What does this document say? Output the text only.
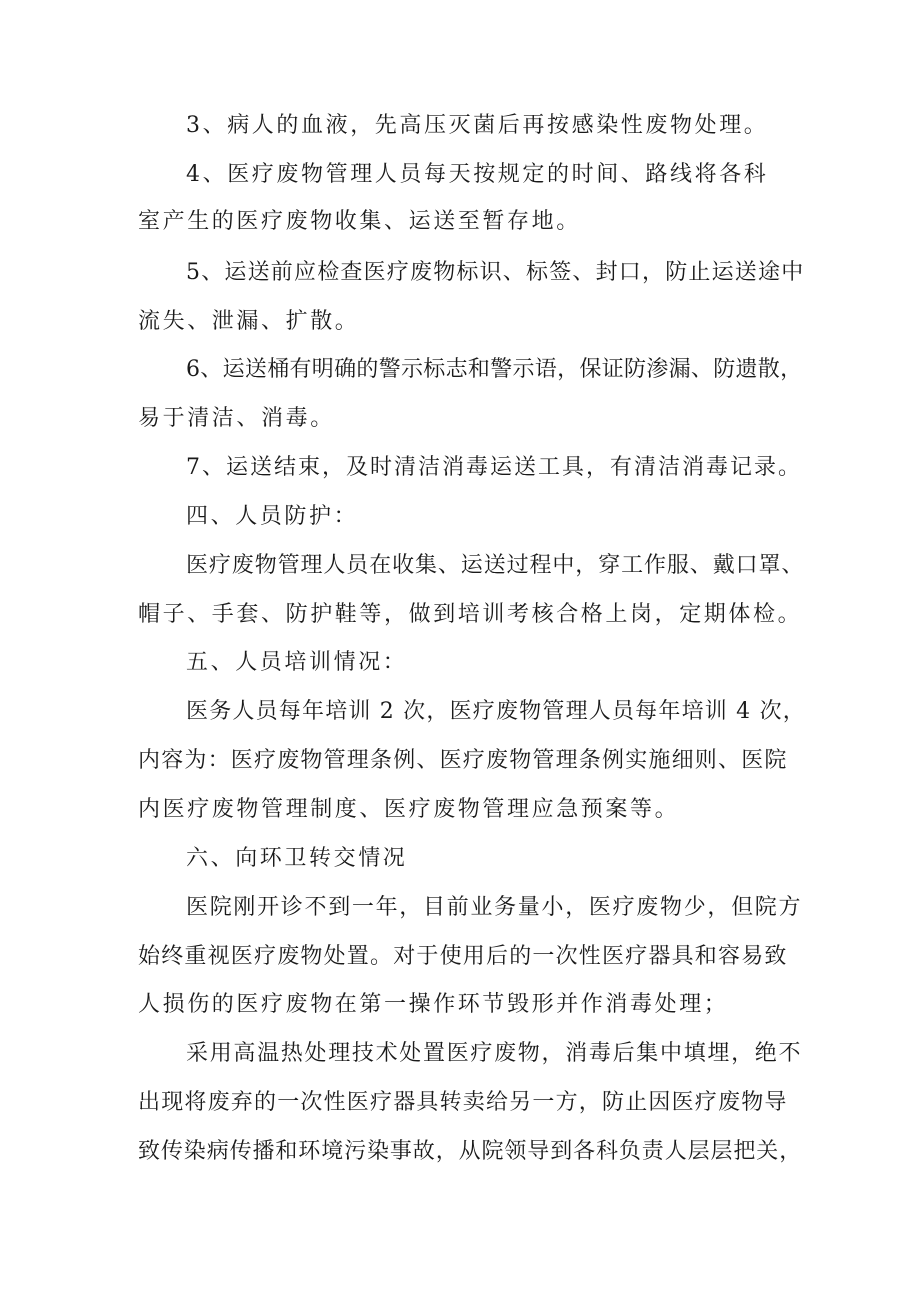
3、病人的血液，先高压灭菌后再按感染性废物处理。

4、医疗废物管理人员每天按规定的时间、路线将各科

室产生的医疗废物收集、运送至暂存地。

5、运送前应检查医疗废物标识、标签、封口，防止运送途中

流失、泄漏、扩散。

6、运送桶有明确的警示标志和警示语，保证防渗漏、防遗散，

易于清洁、消毒。

7、运送结束，及时清洁消毒运送工具，有清洁消毒记录。

四、人员防护：

医疗废物管理人员在收集、运送过程中，穿工作服、戴口罩、

帽子、手套、防护鞋等，做到培训考核合格上岗，定期体检。

五、人员培训情况：

医务人员每年培训 2 次，医疗废物管理人员每年培训 4 次，

内容为：医疗废物管理条例、医疗废物管理条例实施细则、医院

内医疗废物管理制度、医疗废物管理应急预案等。

六、向环卫转交情况

医院刚开诊不到一年，目前业务量小，医疗废物少，但院方

始终重视医疗废物处置。对于使用后的一次性医疗器具和容易致

人损伤的医疗废物在第一操作环节毁形并作消毒处理；

采用高温热处理技术处置医疗废物，消毒后集中填埋，绝不

出现将废弃的一次性医疗器具转卖给另一方，防止因医疗废物导

致传染病传播和环境污染事故，从院领导到各科负责人层层把关，
